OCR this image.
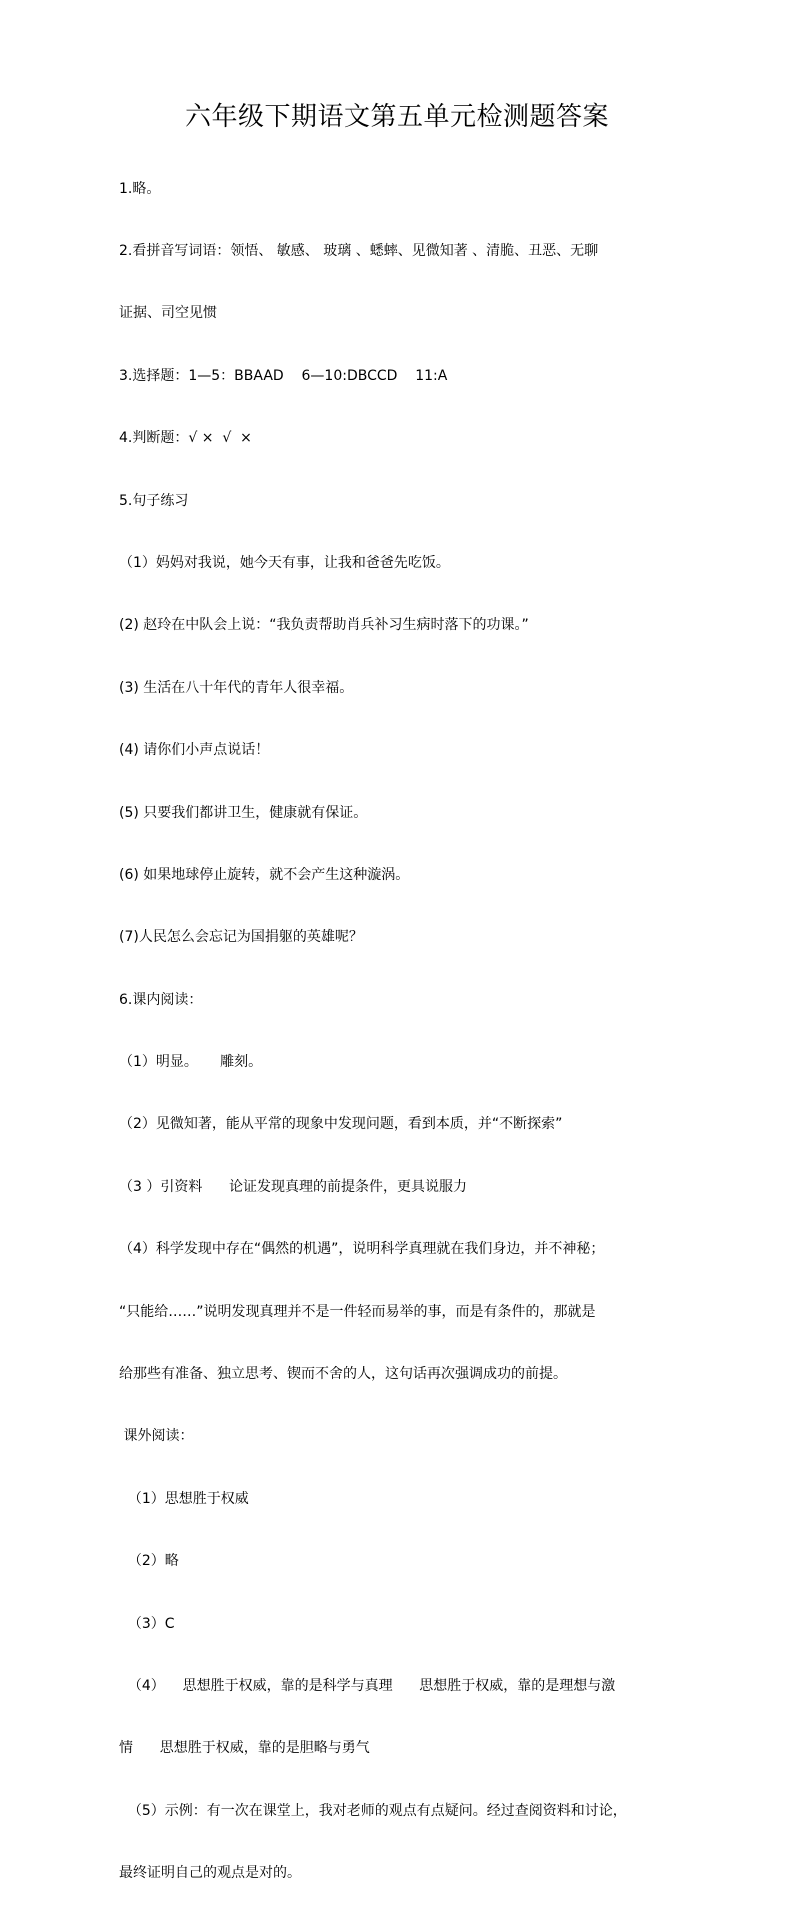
六年级下期语文第五单元检测题答案

1.略。

2.看拼音写词语：领悟、 敏感、 玻璃 、蟋蟀、见微知著 、清脆、丑恶、无聊

证据、司空见惯

3.选择题：1—5：BBAAD    6—10:DBCCD    11:A

4.判断题：√ ×  √  ×

5.句子练习

（1）妈妈对我说，她今天有事，让我和爸爸先吃饭。

(2) 赵玲在中队会上说：“我负责帮助肖兵补习生病时落下的功课。”

(3) 生活在八十年代的青年人很幸福。

(4) 请你们小声点说话！

(5) 只要我们都讲卫生，健康就有保证。

(6) 如果地球停止旋转，就不会产生这种漩涡。

(7)人民怎么会忘记为国捐躯的英雄呢？

6.课内阅读：

（1）明显。     雕刻。

（2）见微知著，能从平常的现象中发现问题，看到本质，并“不断探索”

（3 ）引资料      论证发现真理的前提条件，更具说服力

（4）科学发现中存在“偶然的机遇”，说明科学真理就在我们身边，并不神秘；

“只能给……”说明发现真理并不是一件轻而易举的事，而是有条件的，那就是

给那些有准备、独立思考、锲而不舍的人，这句话再次强调成功的前提。

课外阅读：

（1）思想胜于权威

（2）略

（3）C

（4）    思想胜于权威，靠的是科学与真理      思想胜于权威，靠的是理想与激

情      思想胜于权威，靠的是胆略与勇气

（5）示例：有一次在课堂上，我对老师的观点有点疑问。经过查阅资料和讨论，

最终证明自己的观点是对的。
